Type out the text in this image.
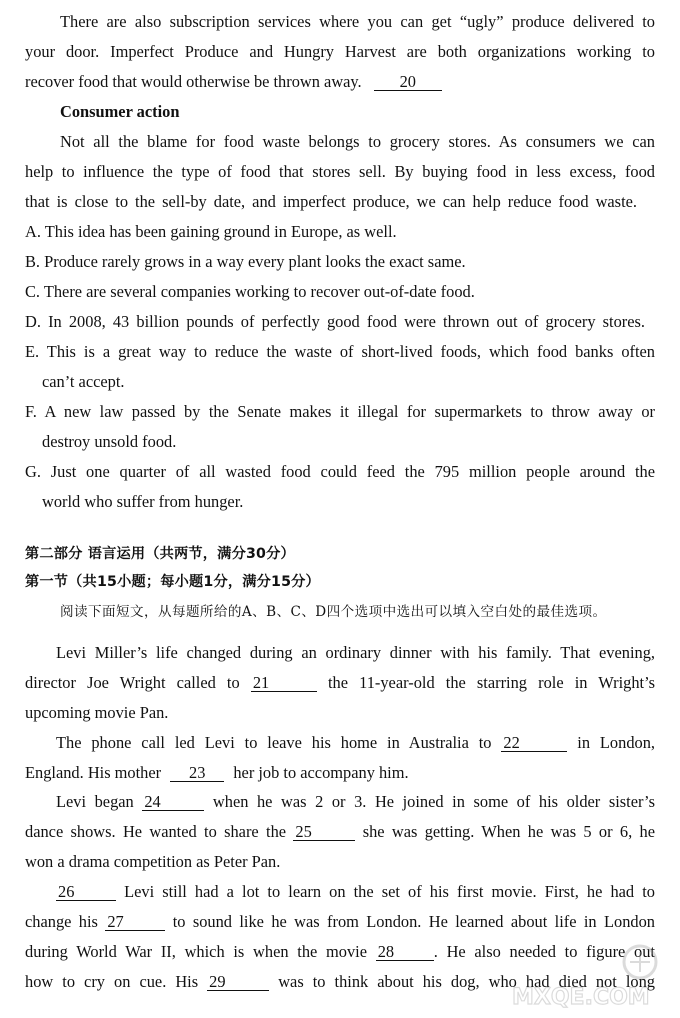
There are also subscription services where you can get “ugly” produce delivered to
your door. Imperfect Produce and Hungry Harvest are both organizations working to
recover food that would otherwise be thrown away. 20
Consumer action
Not all the blame for food waste belongs to grocery stores. As consumers we can
help to influence the type of food that stores sell. By buying food in less excess, food
that is close to the sell-by date, and imperfect produce, we can help reduce food waste.
A. This idea has been gaining ground in Europe, as well.
B. Produce rarely grows in a way every plant looks the exact same.
C. There are several companies working to recover out-of-date food.
D. In 2008, 43 billion pounds of perfectly good food were thrown out of grocery stores.
E. This is a great way to reduce the waste of short-lived foods, which food banks often
can’t accept.
F. A new law passed by the Senate makes it illegal for supermarkets to throw away or
destroy unsold food.
G. Just one quarter of all wasted food could feed the 795 million people around the
world who suffer from hunger.
第二部分 语言运用（共两节，满分30分）
第一节（共15小题；每小题1分，满分15分）
阅读下面短文，从每题所给的A、B、C、D四个选项中选出可以填入空白处的最佳选项。
Levi Miller’s life changed during an ordinary dinner with his family. That evening,
director Joe Wright called to 21	the 11-year-old the starring role in Wright’s
upcoming movie Pan.
The phone call led Levi to leave his home in Australia to 22	in London,
England. His mother 23 her job to accompany him.
Levi began 24	when he was 2 or 3. He joined in some of his older sister’s
dance shows. He wanted to share the 25	she was getting. When he was 5 or 6, he
won a drama competition as Peter Pan.
26	Levi still had a lot to learn on the set of his first movie. First, he had to
change his 27	to sound like he was from London. He learned about life in London
during World War II, which is when the movie 28 . He also needed to figure out
how to cry on cue. His 29	was to think about his dog, who had died not long
MXQE.COM
